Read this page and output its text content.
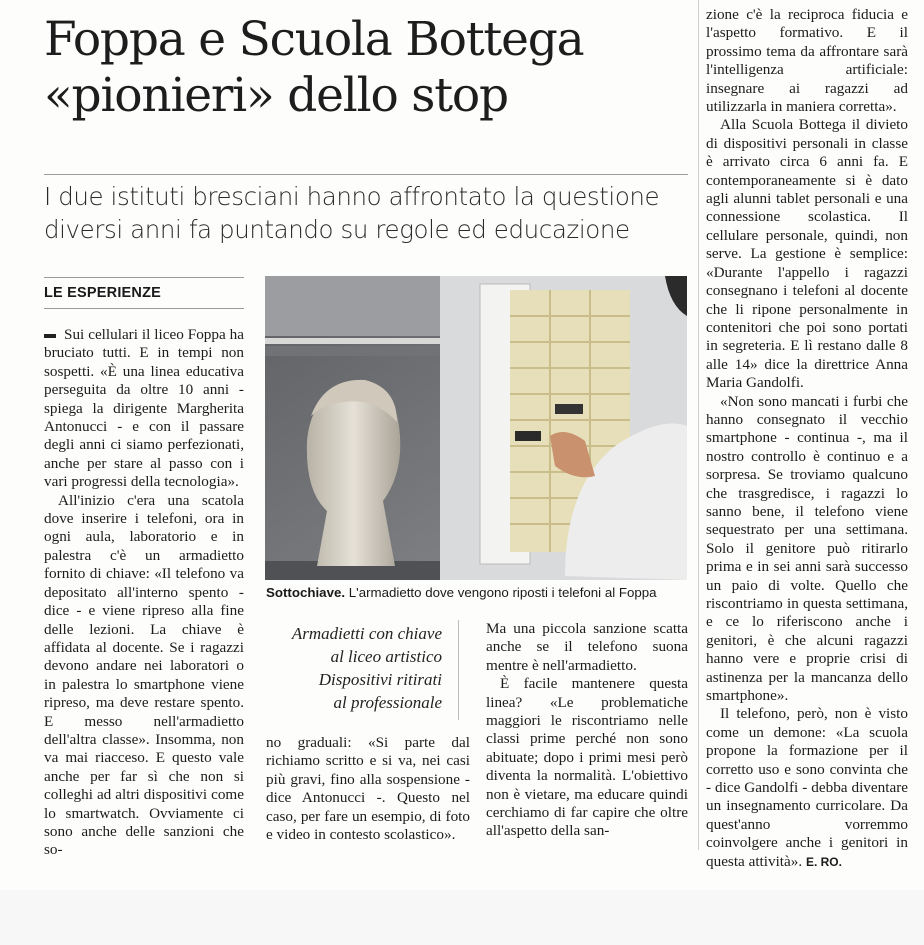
Foppa e Scuola Bottega
«pionieri» dello stop
I due istituti bresciani hanno affrontato la questione
diversi anni fa puntando su regole ed educazione
LE ESPERIENZE
Sottochiave. L'armadietto dove vengono riposti i telefoni al Foppa
Armadietti con chiave
al liceo artistico
Dispositivi ritirati
al professionale

Sui cellulari il liceo Foppa ha bruciato tutti. E in tempi non sospetti. «È una linea educativa perseguita da oltre 10 anni - spiega la dirigente Margherita Antonucci - e con il passare degli anni ci siamo perfezionati, anche per stare al passo con i vari progressi della tecnologia».

All'inizio c'era una scatola dove inserire i telefoni, ora in ogni aula, laboratorio e in palestra c'è un armadietto fornito di chiave: «Il telefono va depositato all'interno spento - dice - e viene ripreso alla fine delle lezioni. La chiave è affidata al docente. Se i ragazzi devono andare nei laboratori o in palestra lo smartphone viene ripreso, ma deve restare spento. E messo nell'armadietto dell'altra classe». Insomma, non va mai riacceso. E questo vale anche per far sì che non si colleghi ad altri dispositivi come lo smartwatch. Ovviamente ci sono anche delle sanzioni che so-

no graduali: «Si parte dal richiamo scritto e si va, nei casi più gravi, fino alla sospensione - dice Antonucci -. Questo nel caso, per fare un esempio, di foto e video in contesto scolastico».

Ma una piccola sanzione scatta anche se il telefono suona mentre è nell'armadietto.

È facile mantenere questa linea? «Le problematiche maggiori le riscontriamo nelle classi prime perché non sono abituate; dopo i primi mesi però diventa la normalità. L'obiettivo non è vietare, ma educare quindi cerchiamo di far capire che oltre all'aspetto della san-

zione c'è la reciproca fiducia e l'aspetto formativo. E il prossimo tema da affrontare sarà l'intelligenza artificiale: insegnare ai ragazzi ad utilizzarla in maniera corretta».

Alla Scuola Bottega il divieto di dispositivi personali in classe è arrivato circa 6 anni fa. E contemporaneamente si è dato agli alunni tablet personali e una connessione scolastica. Il cellulare personale, quindi, non serve. La gestione è semplice: «Durante l'appello i ragazzi consegnano i telefoni al docente che li ripone personalmente in contenitori che poi sono portati in segreteria. E lì restano dalle 8 alle 14» dice la direttrice Anna Maria Gandolfi.

«Non sono mancati i furbi che hanno consegnato il vecchio smartphone - continua -, ma il nostro controllo è continuo e a sorpresa. Se troviamo qualcuno che trasgredisce, i ragazzi lo sanno bene, il telefono viene sequestrato per una settimana. Solo il genitore può ritirarlo prima e in sei anni sarà successo un paio di volte. Quello che riscontriamo in questa settimana, e ce lo riferiscono anche i genitori, è che alcuni ragazzi hanno vere e proprie crisi di astinenza per la mancanza dello smartphone».

Il telefono, però, non è visto come un demone: «La scuola propone la formazione per il corretto uso e sono convinta che - dice Gandolfi - debba diventare un insegnamento curricolare. Da quest'anno vorremmo coinvolgere anche i genitori in questa attività». E. RO.
